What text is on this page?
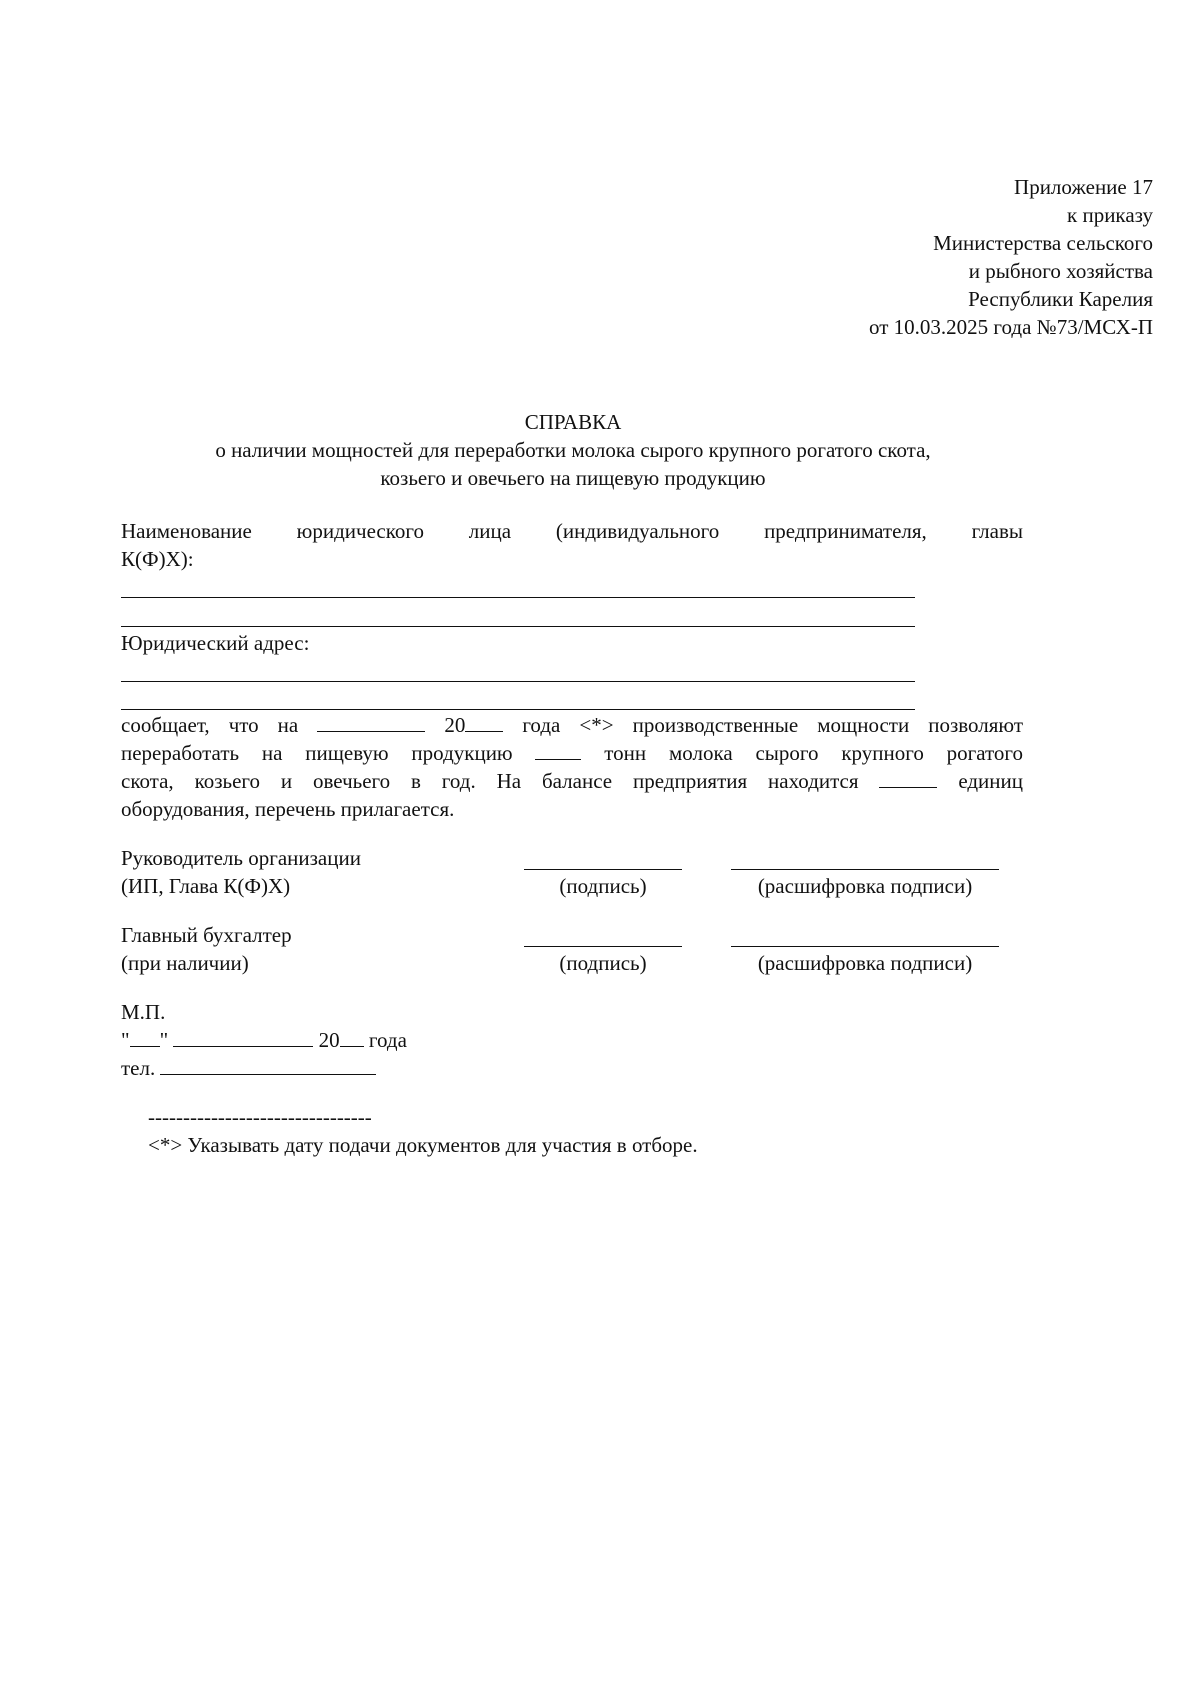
Приложение 17
к приказу
Министерства сельского
и рыбного хозяйства
Республики Карелия
от 10.03.2025 года №73/МСХ-П
СПРАВКА
о наличии мощностей для переработки молока сырого крупного рогатого скота,
козьего и овечьего на пищевую продукцию
Наименование юридического лица (индивидуального предпринимателя, главы
К(Ф)Х):
Юридический адрес:
сообщает, что на	20	года <*> производственные мощности позволяют
переработать на пищевую продукцию	тонн молока сырого крупного рогатого
скота, козьего и овечьего в год. На балансе предприятия находится	единиц
оборудования, перечень прилагается.
Руководитель организации
(ИП, Глава К(Ф)Х)	(подпись)	(расшифровка подписи)
Главный бухгалтер
(при наличии)	(подпись)	(расшифровка подписи)
М.П.
" "	20 года
тел.
--------------------------------
<*> Указывать дату подачи документов для участия в отборе.
